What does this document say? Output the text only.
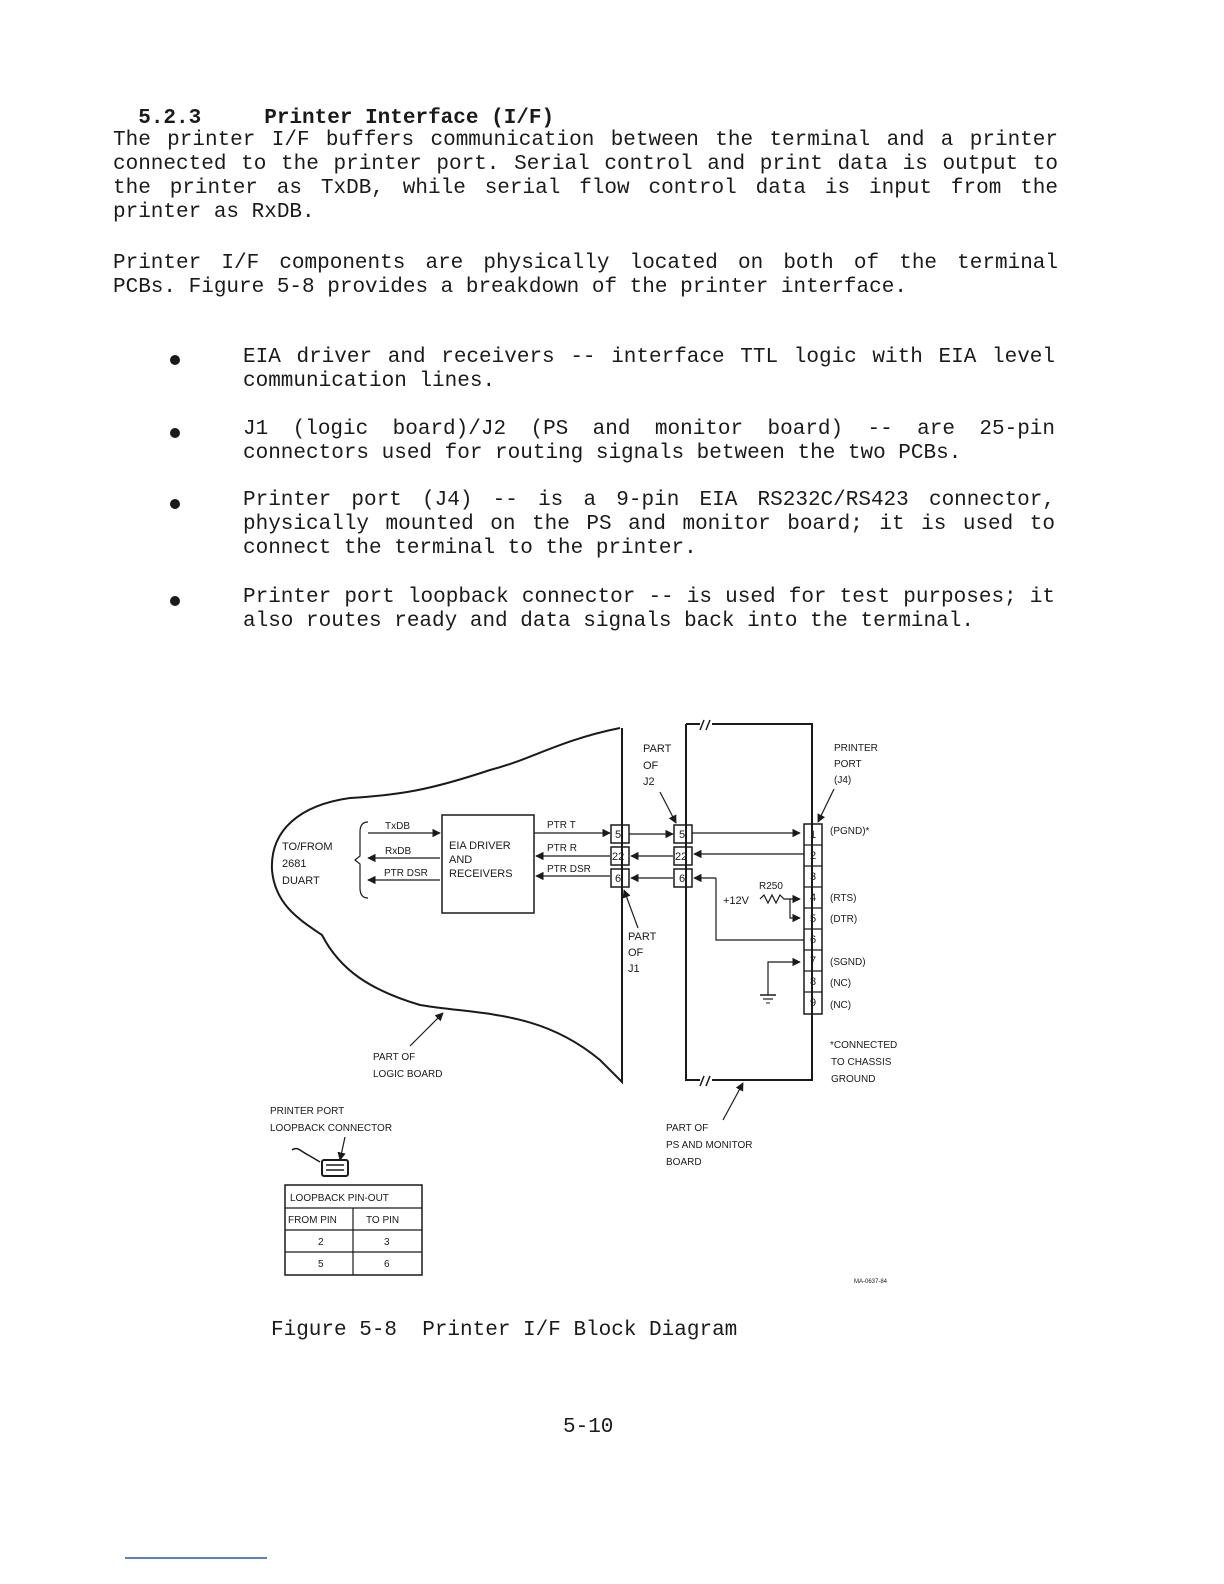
5.2.3	Printer Interface (I/F)

The printer I/F buffers communication between the terminal and a printer connected to the printer port. Serial control and print data is output to the printer as TxDB, while serial flow control data is input from the printer as RxDB.
Printer I/F components are physically located on both of the terminal PCBs. Figure 5-8 provides a breakdown of the printer interface.
EIA driver and receivers -- interface TTL logic with EIA level communication lines.
J1 (logic board)/J2 (PS and monitor board) -- are 25-pin connectors used for routing signals between the two PCBs.
Printer port (J4) -- is a 9-pin EIA RS232C/RS423 connector, physically mounted on the PS and monitor board; it is used to connect the terminal to the printer.
Printer port loopback connector -- is used for test purposes; it also routes ready and data signals back into the terminal.
TO/FROM
2681
DUART
TxDB
RxDB
PTR DSR
EIA DRIVER
AND
RECEIVERS
PTR T
PTR R
PTR DSR
5
22
6
5
22
6
PART
OF
J2
PART
OF
J1
R250
+12V
1
2
3
4
5
6
7
8
9
(PGND)*
(RTS)
(DTR)
(SGND)
(NC)
(NC)
PRINTER
PORT
(J4)
*CONNECTED
TO CHASSIS
GROUND
PART OF
LOGIC BOARD
PART OF
PS AND MONITOR
BOARD
PRINTER PORT
LOOPBACK CONNECTOR
LOOPBACK PIN-OUT
FROM PIN	TO PIN
2	3
5	6
MA-0637-84
Figure 5-8  Printer I/F Block Diagram
5-10
